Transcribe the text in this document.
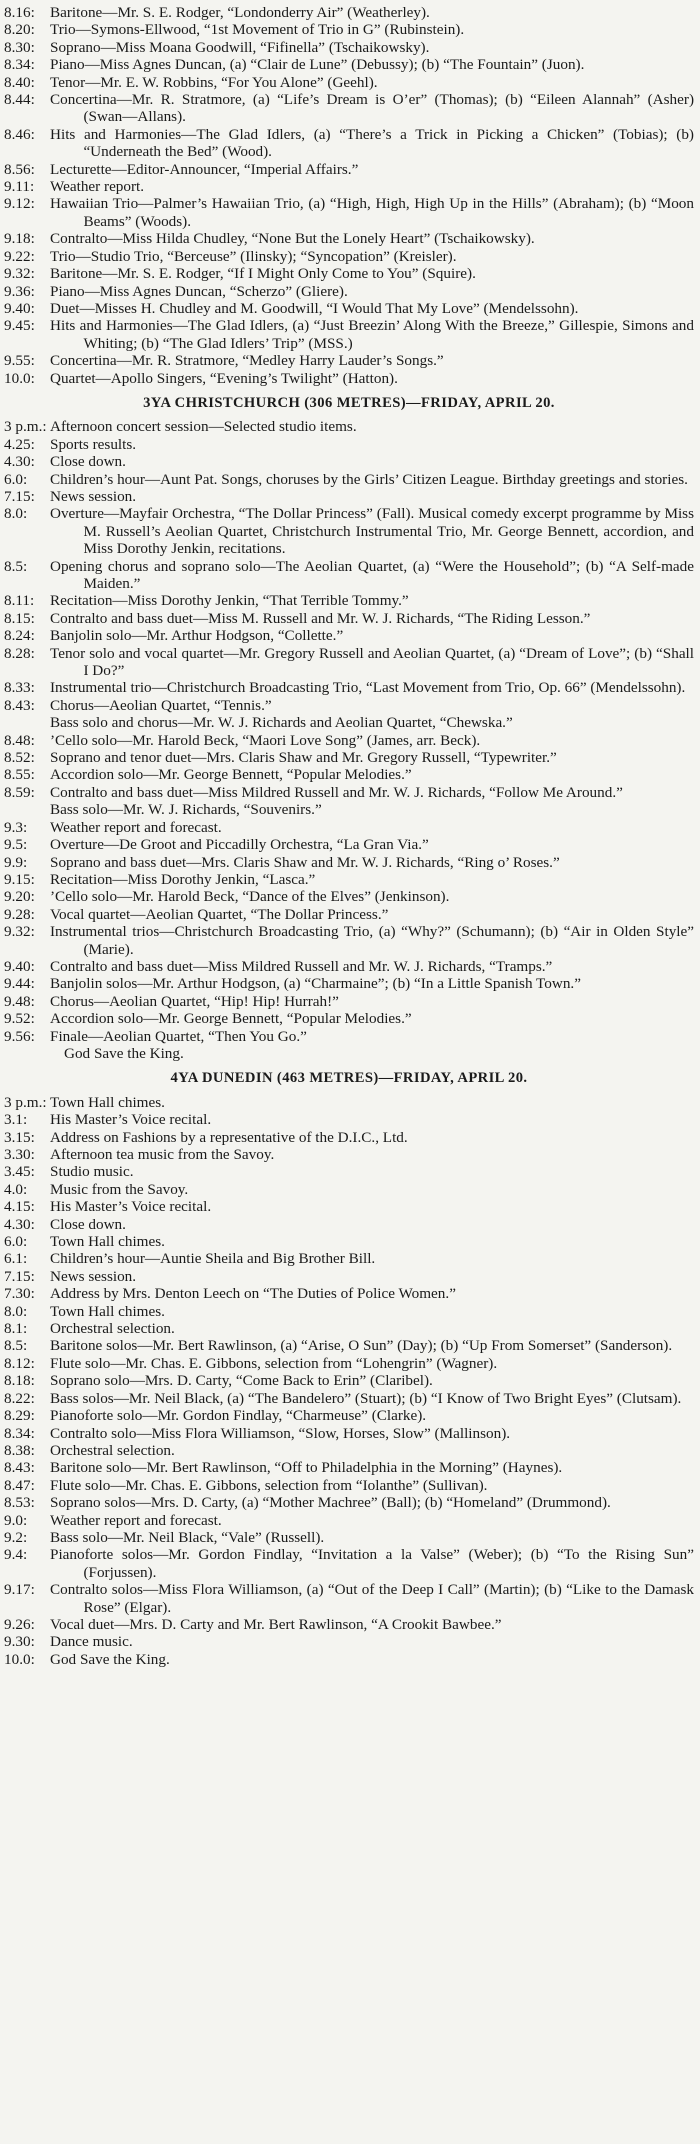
8.16: Baritone—Mr. S. E. Rodger, “Londonderry Air” (Weatherley).
8.20: Trio—Symons-Ellwood, “1st Movement of Trio in G” (Rubinstein).
8.30: Soprano—Miss Moana Goodwill, “Fifinella” (Tschaikowsky).
8.34: Piano—Miss Agnes Duncan, (a) “Clair de Lune” (Debussy); (b) “The Fountain” (Juon).
8.40: Tenor—Mr. E. W. Robbins, “For You Alone” (Geehl).
8.44: Concertina—Mr. R. Stratmore, (a) “Life’s Dream is O’er” (Thomas); (b) “Eileen Alannah” (Asher) (Swan—Allans).
8.46: Hits and Harmonies—The Glad Idlers, (a) “There’s a Trick in Picking a Chicken” (Tobias); (b) “Underneath the Bed” (Wood).
8.56: Lecturette—Editor-Announcer, “Imperial Affairs.”
9.11:	Weather report.
9.12: Hawaiian Trio—Palmer’s Hawaiian Trio, (a) “High, High, High Up in the Hills” (Abraham); (b) “Moon Beams” (Woods).
9.18: Contralto—Miss Hilda Chudley, “None But the Lonely Heart” (Tschaikowsky).
9.22: Trio—Studio Trio, “Berceuse” (Ilinsky); “Syncopation” (Kreisler).
9.32: Baritone—Mr. S. E. Rodger, “If I Might Only Come to You” (Squire).
9.36: Piano—Miss Agnes Duncan, “Scherzo” (Gliere).
9.40: Duet—Misses H. Chudley and M. Goodwill, “I Would That My Love” (Mendelssohn).
9.45: Hits and Harmonies—The Glad Idlers, (a) “Just Breezin’ Along With the Breeze,” Gillespie, Simons and Whiting; (b) “The Glad Idlers’ Trip” (MSS.)
9.55: Concertina—Mr. R. Stratmore, “Medley Harry Lauder’s Songs.”
10.0: Quartet—Apollo Singers, “Evening’s Twilight” (Hatton).
3YA CHRISTCHURCH (306 METRES)—FRIDAY, APRIL 20.
3 p.m.: Afternoon concert session—Selected studio items.
4.25: Sports results.
4.30: Close down.
6.0:	Children’s hour—Aunt Pat. Songs, choruses by the Girls’ Citizen League. Birthday greetings and stories.
7.15: News session.
8.0:	Overture—Mayfair Orchestra, “The Dollar Princess” (Fall). Musical comedy excerpt programme by Miss M. Russell’s Aeolian Quartet, Christchurch Instrumental Trio, Mr. George Bennett, accordion, and Miss Dorothy Jenkin, recitations.
8.5:	Opening chorus and soprano solo—The Aeolian Quartet, (a) “Were the Household”; (b) “A Self-made Maiden.”
8.11:	Recitation—Miss Dorothy Jenkin, “That Terrible Tommy.”
8.15: Contralto and bass duet—Miss M. Russell and Mr. W. J. Richards, “The Riding Lesson.”
8.24: Banjolin solo—Mr. Arthur Hodgson, “Collette.”
8.28: Tenor solo and vocal quartet—Mr. Gregory Russell and Aeolian Quartet, (a) “Dream of Love”; (b) “Shall I Do?”
8.33: Instrumental trio—Christchurch Broadcasting Trio, “Last Movement from Trio, Op. 66” (Mendelssohn).
8.43: Chorus—Aeolian Quartet, “Tennis.”
Bass solo and chorus—Mr. W. J. Richards and Aeolian Quartet, “Chewska.”
8.48: ’Cello solo—Mr. Harold Beck, “Maori Love Song” (James, arr. Beck).
8.52: Soprano and tenor duet—Mrs. Claris Shaw and Mr. Gregory Russell, “Typewriter.”
8.55: Accordion solo—Mr. George Bennett, “Popular Melodies.”
8.59: Contralto and bass duet—Miss Mildred Russell and Mr. W. J. Richards, “Follow Me Around.”
Bass solo—Mr. W. J. Richards, “Souvenirs.”
9.3:	Weather report and forecast.
9.5:	Overture—De Groot and Piccadilly Orchestra, “La Gran Via.”
9.9:	Soprano and bass duet—Mrs. Claris Shaw and Mr. W. J. Richards, “Ring o’ Roses.”
9.15: Recitation—Miss Dorothy Jenkin, “Lasca.”
9.20: ’Cello solo—Mr. Harold Beck, “Dance of the Elves” (Jenkinson).
9.28: Vocal quartet—Aeolian Quartet, “The Dollar Princess.”
9.32: Instrumental trios—Christchurch Broadcasting Trio, (a) “Why?” (Schumann); (b) “Air in Olden Style” (Marie).
9.40: Contralto and bass duet—Miss Mildred Russell and Mr. W. J. Richards, “Tramps.”
9.44: Banjolin solos—Mr. Arthur Hodgson, (a) “Charmaine”; (b) “In a Little Spanish Town.”
9.48: Chorus—Aeolian Quartet, “Hip! Hip! Hurrah!”
9.52: Accordion solo—Mr. George Bennett, “Popular Melodies.”
9.56: Finale—Aeolian Quartet, “Then You Go.”
God Save the King.
4YA DUNEDIN (463 METRES)—FRIDAY, APRIL 20.
3 p.m.: Town Hall chimes.
3.1:	His Master’s Voice recital.
3.15: Address on Fashions by a representative of the D.I.C., Ltd.
3.30: Afternoon tea music from the Savoy.
3.45: Studio music.
4.0:	Music from the Savoy.
4.15: His Master’s Voice recital.
4.30: Close down.
6.0:	Town Hall chimes.
6.1:	Children’s hour—Auntie Sheila and Big Brother Bill.
7.15: News session.
7.30: Address by Mrs. Denton Leech on “The Duties of Police Women.”
8.0:	Town Hall chimes.
8.1:	Orchestral selection.
8.5:	Baritone solos—Mr. Bert Rawlinson, (a) “Arise, O Sun” (Day); (b) “Up From Somerset” (Sanderson).
8.12: Flute solo—Mr. Chas. E. Gibbons, selection from “Lohengrin” (Wagner).
8.18: Soprano solo—Mrs. D. Carty, “Come Back to Erin” (Claribel).
8.22: Bass solos—Mr. Neil Black, (a) “The Bandelero” (Stuart); (b) “I Know of Two Bright Eyes” (Clutsam).
8.29: Pianoforte solo—Mr. Gordon Findlay, “Charmeuse” (Clarke).
8.34: Contralto solo—Miss Flora Williamson, “Slow, Horses, Slow” (Mallinson).
8.38: Orchestral selection.
8.43: Baritone solo—Mr. Bert Rawlinson, “Off to Philadelphia in the Morning” (Haynes).
8.47: Flute solo—Mr. Chas. E. Gibbons, selection from “Iolanthe” (Sullivan).
8.53: Soprano solos—Mrs. D. Carty, (a) “Mother Machree” (Ball); (b) “Homeland” (Drummond).
9.0:	Weather report and forecast.
9.2:	Bass solo—Mr. Neil Black, “Vale” (Russell).
9.4:	Pianoforte solos—Mr. Gordon Findlay, “Invitation a la Valse” (Weber); (b) “To the Rising Sun” (Forjussen).
9.17: Contralto solos—Miss Flora Williamson, (a) “Out of the Deep I Call” (Martin); (b) “Like to the Damask Rose” (Elgar).
9.26: Vocal duet—Mrs. D. Carty and Mr. Bert Rawlinson, “A Crookit Bawbee.”
9.30: Dance music.
10.0: God Save the King.
